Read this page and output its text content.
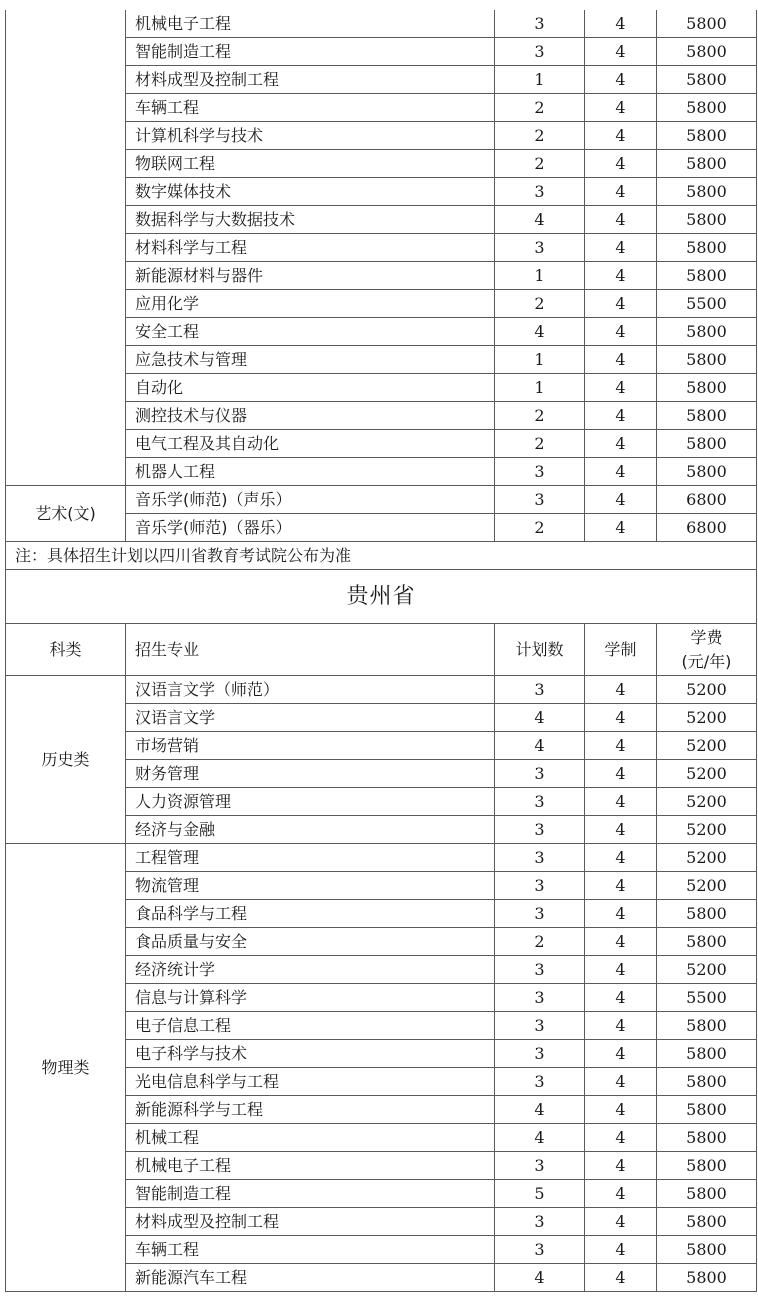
	机械电子工程	3	4	5800
	智能制造工程	3	4	5800
	材料成型及控制工程	1	4	5800
	车辆工程	2	4	5800
	计算机科学与技术	2	4	5800
	物联网工程	2	4	5800
	数字媒体技术	3	4	5800
	数据科学与大数据技术	4	4	5800
	材料科学与工程	3	4	5800
	新能源材料与器件	1	4	5800
	应用化学	2	4	5500
	安全工程	4	4	5800
	应急技术与管理	1	4	5800
	自动化	1	4	5800
	测控技术与仪器	2	4	5800
	电气工程及其自动化	2	4	5800
	机器人工程	3	4	5800
艺术(文)	音乐学(师范)（声乐）	3	4	6800
	音乐学(师范)（器乐）	2	4	6800
注：具体招生计划以四川省教育考试院公布为准				
贵州省				
科类	招生专业	计划数	学制	学费
(元/年)

历史类	汉语言文学（师范）	3	4	5200
	汉语言文学	4	4	5200
	市场营销	4	4	5200
	财务管理	3	4	5200
	人力资源管理	3	4	5200
	经济与金融	3	4	5200
物理类	工程管理	3	4	5200
	物流管理	3	4	5200
	食品科学与工程	3	4	5800
	食品质量与安全	2	4	5800
	经济统计学	3	4	5200
	信息与计算科学	3	4	5500
	电子信息工程	3	4	5800
	电子科学与技术	3	4	5800
	光电信息科学与工程	3	4	5800
	新能源科学与工程	4	4	5800
	机械工程	4	4	5800
	机械电子工程	3	4	5800
	智能制造工程	5	4	5800
	材料成型及控制工程	3	4	5800
	车辆工程	3	4	5800
	新能源汽车工程	4	4	5800
